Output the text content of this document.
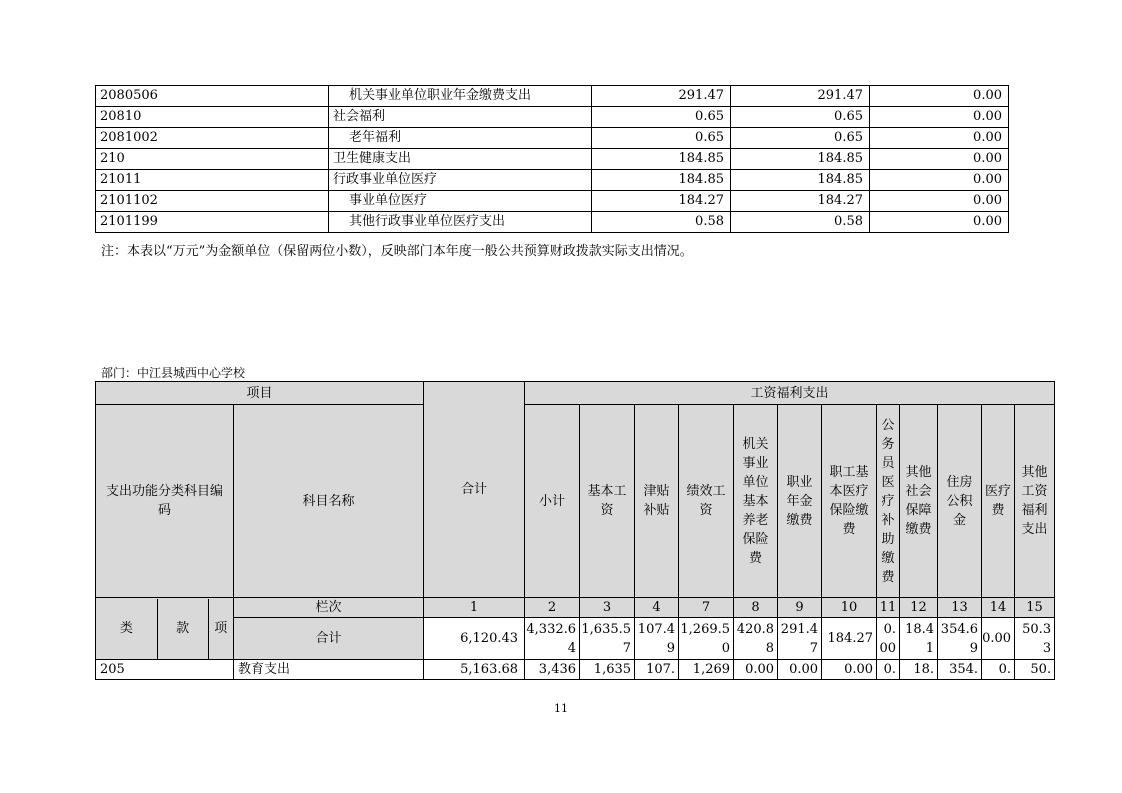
2080506	机关事业单位职业年金缴费支出	291.47	291.47	0.00
20810	社会福利	0.65	0.65	0.00
2081002	老年福利	0.65	0.65	0.00
210	卫生健康支出	184.85	184.85	0.00
21011	行政事业单位医疗	184.85	184.85	0.00
2101102	事业单位医疗	184.27	184.27	0.00
2101199	其他行政事业单位医疗支出	0.58	0.58	0.00
注：本表以“万元”为金额单位（保留两位小数），反映部门本年度一般公共预算财政拨款实际支出情况。
部门：中江县城西中心学校
项目		合计	工资福利支出											
支出功能分类科目编码	科目名称		小计	基本工资	津贴补贴	绩效工资	机关事业单位基本养老保险费	职业年金缴费	职工基本医疗保险缴费	公务员医疗补助缴费	其他社会保障缴费	住房公积金	医疗费	其他工资福利支出

类 款 项	栏次	1	2	3	4	7	8	9	10	11	12	13	14	15
	合计	6,120.43	4,332.64	1,635.57	107.49	1,269.50	420.88	291.47	184.27	0.00	18.41	354.69	0.00	50.33
205	教育支出	5,163.68	3,436	1,635	107.	1,269	0.00	0.00	0.00	0.	18.	354.	0.	50.
11
